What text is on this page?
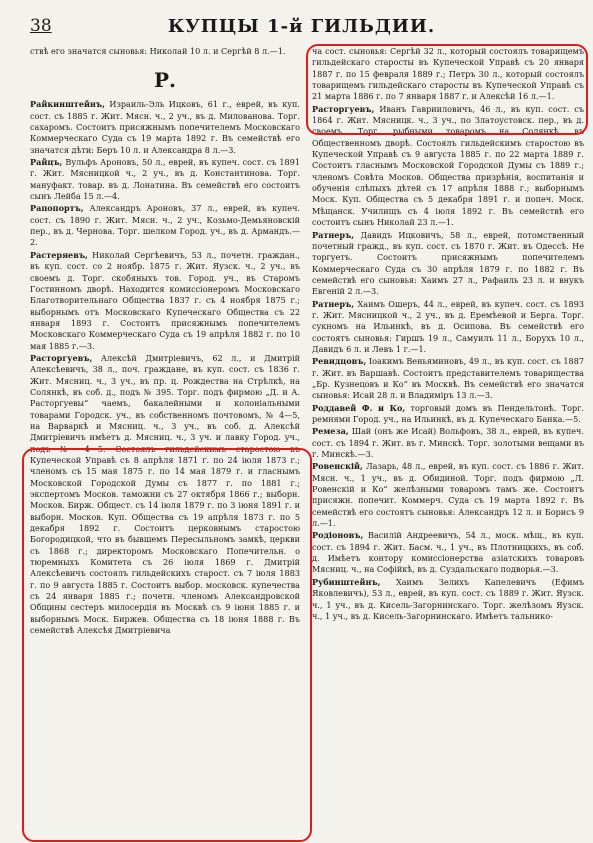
38	КУПЦЫ 1-й ГИЛЬДИИ.

ствѣ его значатся сыновья: Николай 10 л. и Сергѣй 8 л.—1.

Р.

Райкинштейнъ, Израиль-Эль Ицковъ, 61 г., еврей, въ куп. сост. съ 1885 г. Жит. Мясн. ч., 2 уч., въ д. Милованова. Торг. сахаромъ. Состоитъ присяжнымъ попечителемъ Московскаго Коммерческаго Суда съ 19 марта 1892 г. Въ семействѣ его значатся дѣти: Беръ 10 л. и Александра 8 л.—3.

Райцъ, Вульфъ Ароновъ, 50 л., еврей, въ купеч. сост. съ 1891 г. Жит. Мясницкой ч., 2 уч., въ д. Константинова. Торг. мануфакт. товар. въ д. Лонатина. Въ семействѣ его состоитъ сынъ Лейба 15 л.—4.

Рапопортъ, Александръ Ароновъ, 37 л., еврей, въ купеч. сост. съ 1890 г. Жит. Мясн. ч., 2 уч., Козьмо-Демьяновскій пер., въ д. Чернова. Торг. шелком Город. уч., въ д. Армандъ.—2.

Растеряевъ, Николай Сергѣевичъ, 53 л., почетн. граждан., въ куп. сост. со 2 ноябр. 1875 г. Жит. Яузск. ч., 2 уч., въ своемъ д. Торг. скобяныхъ тов. Город. уч., въ Старомъ Гостинномъ дворѣ. Находится комиссіонеромъ Московскаго Благотворительнаго Общества 1837 г. съ 4 ноября 1875 г.; выборнымъ отъ Московскаго Купеческаго Общества съ 22 января 1893 г. Состоитъ присяжнымъ попечителемъ Московскаго Коммерческаго Суда съ 19 апрѣля 1882 г. по 10 мая 1885 г.—3.

Расторгуевъ, Алексѣй Дмитріевичъ, 62 л., и Дмитрій Алексѣевичъ, 38 л., поч. граждане, въ куп. сост. съ 1836 г. Жит. Мясниц. ч., 3 уч., въ пр. ц. Рождества на Стрѣлкѣ, на Солянкѣ, въ соб. д., подъ № 395. Торг. подъ фирмою „Д. и А. Расторгуевы“ чаемъ, бакалейными и колоніальными товарами Городск. уч., въ собственномъ почтовомъ, № 4—5, на Варваркѣ и Мясниц. ч., 3 уч., въ соб. д. Алексѣй Дмитріевичъ имѣетъ д. Мясниц. ч., 3 уч. и лавку Город. уч., подъ № 4—5. Состоялъ гильдейскимъ старостою въ Купеческой Управѣ съ 8 апрѣля 1871 г. по 24 іюля 1873 г.; членомъ съ 15 мая 1875 г. по 14 мая 1879 г. и гласнымъ Московской Городской Думы съ 1877 г. по 1881 г.; экспертомъ Москов. таможни съ 27 октября 1866 г.; выборн. Москов. Бирж. Общест. съ 14 іюля 1879 г. по 3 іюня 1891 г. и выборн. Москов. Куп. Общества съ 19 апрѣля 1873 г. по 5 декабря 1892 г. Состоитъ церковнымъ старостою Богородицкой, что въ бывшемъ Пересыльномъ замкѣ, церкви съ 1868 г.; директоромъ Московскаго Попечительн. о тюремныхъ Комитета съ 26 іюля 1869 г. Дмитрій Алексѣевичъ состоялъ гильдейскихъ старост. съ 7 іюля 1883 г. по 9 августа 1885 г. Состоитъ выбор. московск. купечества съ 24 января 1885 г.; почетн. членомъ Александровской Общины сестеръ милосердія въ Москвѣ съ 9 іюня 1885 г. и выборнымъ Моск. Биржев. Общества съ 18 іюня 1888 г. Въ семействѣ Алексѣя Дмитріевича

ча сост. сыновья: Сергѣй 32 л., который состоялъ товарищемъ гильдейскаго старосты въ Купеческой Управѣ съ 20 января 1887 г. по 15 февраля 1889 г.; Петръ 30 л., который состоялъ товарищемъ гильдейскаго старосты въ Купеческой Управѣ съ 21 марта 1886 г. по 7 января 1887 г. и Алексѣй 16 л.—1.

Расторгуевъ, Иванъ Гаврииловичъ, 46 л., въ куп. сост. съ 1864 г. Жит. Мясницк. ч., 3 уч., по Златоустовск. пер., въ д. своемъ. Торг. рыбными товаромъ на Солянкѣ, въ Общественномъ дворѣ. Состоялъ гильдейскимъ старостою въ Купеческой Управѣ съ 9 августа 1885 г. по 22 марта 1889 г. Состоитъ гласнымъ Московской Городской Думы съ 1889 г.; членомъ Совѣта Москов. Общества призрѣнія, воспитанія и обученія слѣпыхъ дѣтей съ 17 апрѣля 1888 г.; выборнымъ Моск. Куп. Общества съ 5 декабря 1891 г. и попеч. Моск. Мѣщанск. Училищъ съ 4 іюля 1892 г. Въ семействѣ его состоитъ сынъ Николай 23 л.—1.

Ратнеръ, Давидъ Ицковичъ, 58 л., еврей, потомственный почетный гражд., въ куп. сост. съ 1870 г. Жит. въ Одессѣ. Не торгуетъ. Состоитъ присяжнымъ попечителемъ Коммерческаго Суда съ 30 апрѣля 1879 г. по 1882 г. Въ семействѣ его сыновья: Хаимъ 27 л., Рафаиль 23 л. и внукъ Евгеній 2 л.—3.

Ратнеръ, Хаимъ Ошеръ, 44 л., еврей, въ купеч. сост. съ 1893 г. Жит. Мясницкой ч., 2 уч., въ д. Еремѣевой и Берга. Торг. сукномъ на Ильинкѣ, въ д. Осипова. Въ семействѣ его состоятъ сыновья: Гиршъ 19 л., Самуилъ 11 л., Борухъ 10 л., Давидъ 6 л. и Левъ 1 г.—1.

Ревидцовъ, Іоакимъ Веньяминовъ, 49 л., въ куп. сост. съ 1887 г. Жит. въ Варшавѣ. Состоитъ представителемъ товарищества „Бр. Кузнецовъ и Ко“ въ Москвѣ. Въ семействѣ его значатся сыновья: Исай 28 л. и Владиміръ 13 л.—3.

Роддавей Ф. и Ко, торговый домъ въ Пендельтонѣ. Торг. ремнями Город. уч., на Ильинкѣ, въ д. Купеческаго Банка.—5.

Ремеза, Шай (онъ же Исай) Вольфовъ, 38 л., еврей, въ купеч. сост. съ 1894 г. Жит. въ г. Минскѣ. Торг. золотыми вещами въ г. Минскѣ.—3.

Ровенскій, Лазарь, 48 л., еврей, въ куп. сост. съ 1886 г. Жит. Мясн. ч., 1 уч., въ д. Обидиной. Торг. подъ фирмою „Л. Ровенскій и Ко“ желѣзными товаромъ тамъ же. Состоитъ присяжн. попечит. Коммерч. Суда съ 19 марта 1892 г. Въ семействѣ его состоятъ сыновья: Александръ 12 л. и Борисъ 9 л.—1.

Родіоновъ, Василій Андреевичъ, 54 л., моск. мѣщ., въ куп. сост. съ 1894 г. Жит. Басм. ч., 1 уч., въ Плотницкихъ, въ соб. д. Имѣетъ контору комиссіонерства азіатскихъ товаровъ Мясниц. ч., на Софійкѣ, въ д. Суздальскаго подворья.—3.

Рубинштейнъ, Хаимъ Зелихъ Капелевичъ (Ефимъ Яковлевичъ), 53 л., еврей, въ куп. сост. съ 1889 г. Жит. Яузск. ч., 1 уч., въ д. Кисель-Загорнинскаго. Торг. желѣзомъ Яузск. ч., 1 уч., въ д. Кисель-Загорнинскаго. Имѣетъ тальнико-
